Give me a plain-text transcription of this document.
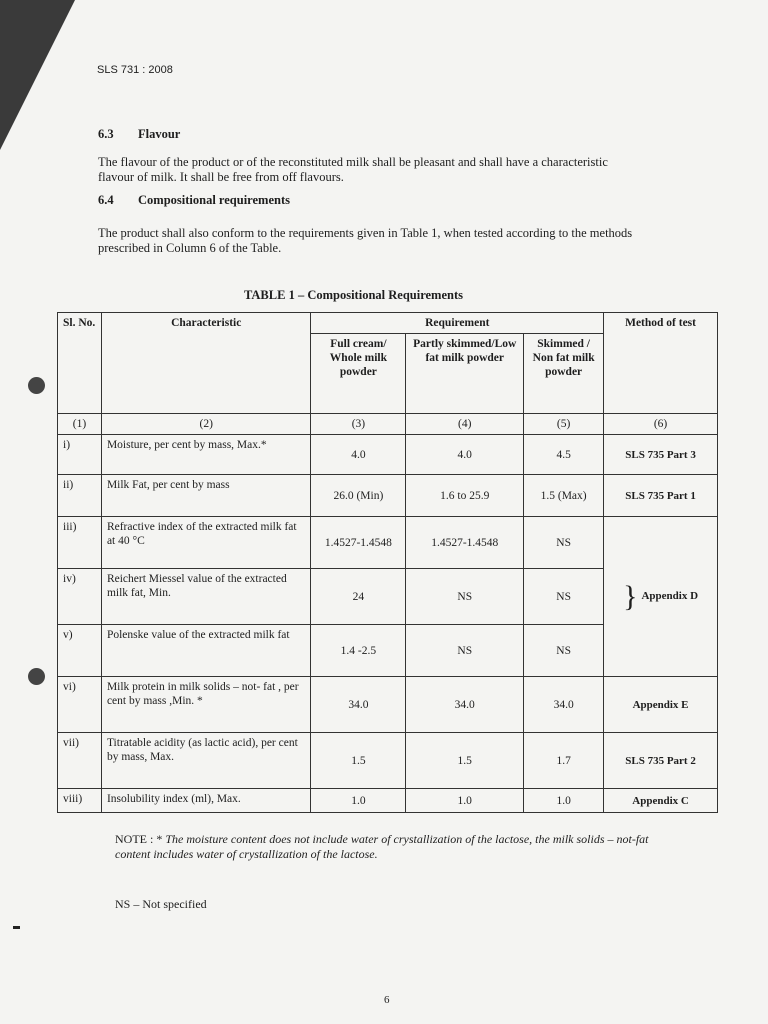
SLS 731 : 2008
6.3 Flavour
The flavour of the product or of the reconstituted milk shall be pleasant and shall have a characteristic flavour of milk. It shall be free from off flavours.
6.4 Compositional requirements
The product shall also conform to the requirements given in Table 1, when tested according to the methods prescribed in Column 6 of the Table.
TABLE 1 – Compositional Requirements
Sl. No.	Characteristic	Requirement			Method of test
		Full cream/ Whole milk powder	Partly skimmed/Low fat milk powder	Skimmed / Non fat milk powder	
(1)	(2)	(3)	(4)	(5)	(6)
i)	Moisture, per cent by mass, Max.*	4.0	4.0	4.5	SLS 735 Part 3
ii)	Milk Fat, per cent by mass	26.0 (Min)	1.6 to 25.9	1.5 (Max)	SLS 735 Part 1
iii)	Refractive index of the extracted milk fat at 40 °C	1.4527-1.4548	1.4527-1.4548	NS	} Appendix D
iv)	Reichert Miessel value of the extracted milk fat, Min.	24	NS	NS	
v)	Polenske value of the extracted milk fat	1.4 -2.5	NS	NS	
vi)	Milk protein in milk solids – not- fat , per cent by mass ,Min. *	34.0	34.0	34.0	Appendix E
vii)	Titratable acidity (as lactic acid), per cent by mass, Max.	1.5	1.5	1.7	SLS 735 Part 2
viii)	Insolubility index (ml), Max.	1.0	1.0	1.0	Appendix C
NOTE : * The moisture content does not include water of crystallization of the lactose, the milk solids – not-fat content includes water of crystallization of the lactose.
NS – Not specified
6
